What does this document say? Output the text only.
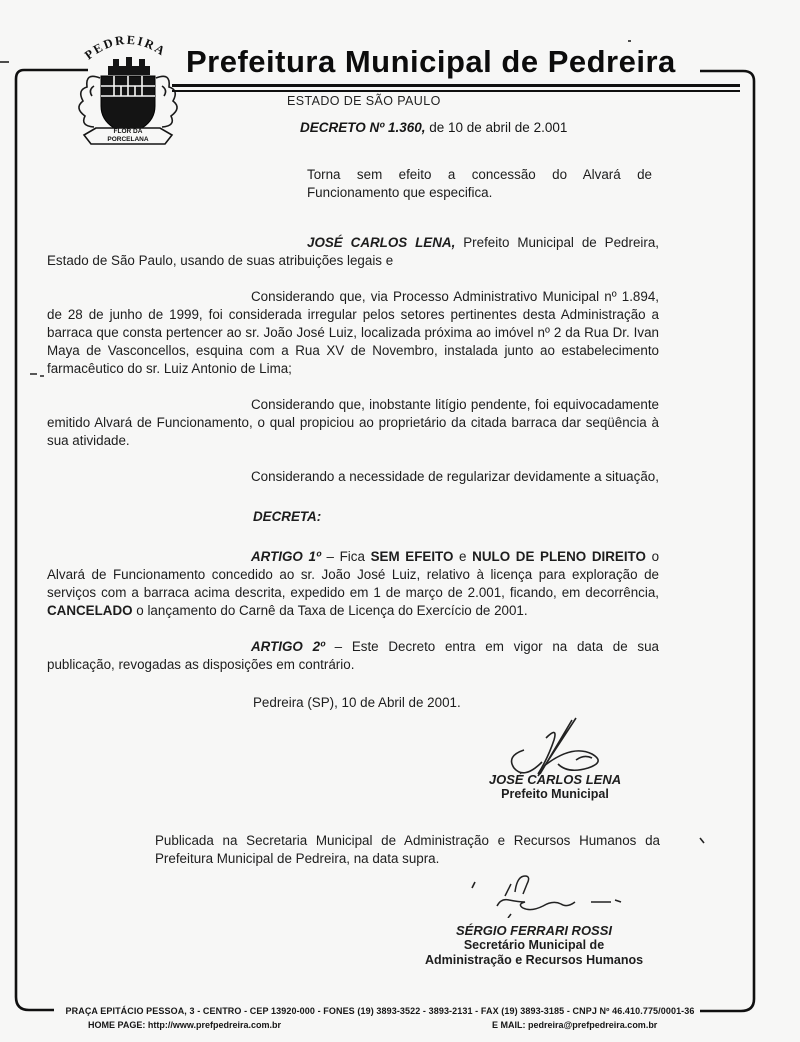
PEDREIRA
FLOR DA
PORCELANA
Prefeitura Municipal de Pedreira
ESTADO DE SÃO PAULO
DECRETO Nº 1.360, de 10 de abril de 2.001

Torna sem efeito a concessão do Alvará de Funcionamento que especifica.

JOSÉ CARLOS LENA, Prefeito Municipal de Pedreira, Estado de São Paulo, usando de suas atribuições legais e

Considerando que, via Processo Administrativo Municipal nº 1.894, de 28 de junho de 1999, foi considerada irregular pelos setores pertinentes desta Administração a barraca que consta pertencer ao sr. João José Luiz, localizada próxima ao imóvel nº 2 da Rua Dr. Ivan Maya de Vasconcellos, esquina com a Rua XV de Novembro, instalada junto ao estabelecimento farmacêutico do sr. Luiz Antonio de Lima;

Considerando que, inobstante litígio pendente, foi equivocadamente emitido Alvará de Funcionamento, o qual propiciou ao proprietário da citada barraca dar seqüência à sua atividade.

Considerando a necessidade de regularizar devidamente a situação,

DECRETA:

ARTIGO 1º – Fica SEM EFEITO e NULO DE PLENO DIREITO o Alvará de Funcionamento concedido ao sr. João José Luiz, relativo à licença para exploração de serviços com a barraca acima descrita, expedido em 1 de março de 2.001, ficando, em decorrência, CANCELADO o lançamento do Carnê da Taxa de Licença do Exercício de 2001.

ARTIGO 2º – Este Decreto entra em vigor na data de sua publicação, revogadas as disposições em contrário.

Pedreira (SP), 10 de Abril de 2001.

JOSÉ CARLOS LENA
Prefeito Municipal

Publicada na Secretaria Municipal de Administração e Recursos Humanos da Prefeitura Municipal de Pedreira, na data supra.

SÉRGIO FERRARI ROSSI
Secretário Municipal de
Administração e Recursos Humanos
PRAÇA EPITÁCIO PESSOA, 3 - CENTRO - CEP 13920-000 - FONES (19) 3893-3522 - 3893-2131 - FAX (19) 3893-3185 - CNPJ Nº 46.410.775/0001-36
HOME PAGE: http://www.prefpedreira.com.br	E MAIL: pedreira@prefpedreira.com.br
